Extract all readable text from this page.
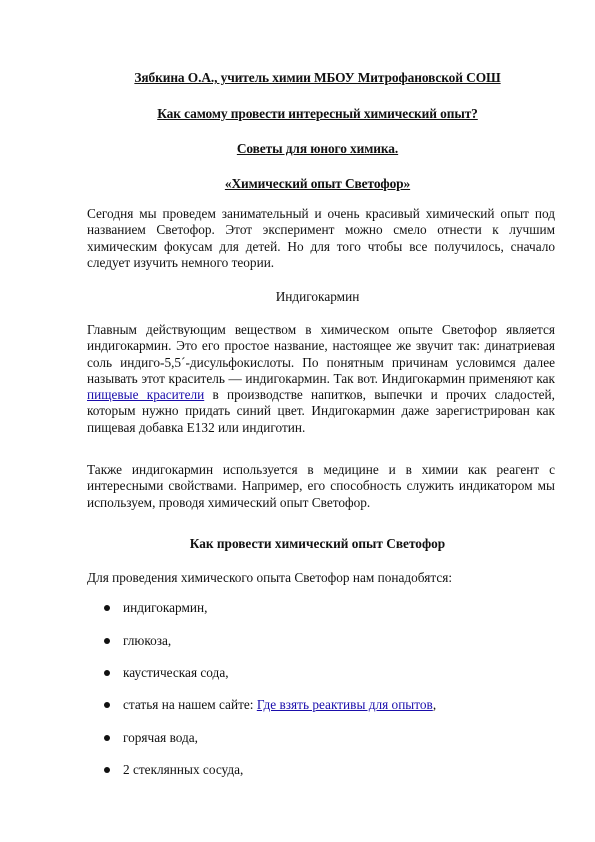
Зябкина О.А., учитель химии МБОУ Митрофановской СОШ
Как самому провести интересный химический опыт?
Советы для юного химика.
«Химический опыт Светофор»

Сегодня мы проведем занимательный и очень красивый химический опыт под названием Светофор. Этот эксперимент можно смело отнести к лучшим химическим фокусам для детей. Но для того чтобы все получилось, сначало следует изучить немного теории.

Индигокармин

Главным действующим веществом в химическом опыте Светофор является индигокармин. Это его простое название, настоящее же звучит так: динатриевая соль индиго-5,5´-дисульфокислоты. По понятным причинам условимся далее называть этот краситель — индигокармин. Так вот. Индигокармин применяют как пищевые красители в производстве напитков, выпечки и прочих сладостей, которым нужно придать синий цвет. Индигокармин даже зарегистрирован как пищевая добавка E132 или индиготин.

Также индигокармин используется в медицине и в химии как реагент с интересными свойствами. Например, его способность служить индикатором мы используем, проводя химический опыт Светофор.

Как провести химический опыт Светофор

Для проведения химического опыта Светофор нам понадобятся:

индигокармин,
глюкоза,
каустическая сода,
статья на нашем сайте: Где взять реактивы для опытов,
горячая вода,
2 стеклянных сосуда,
